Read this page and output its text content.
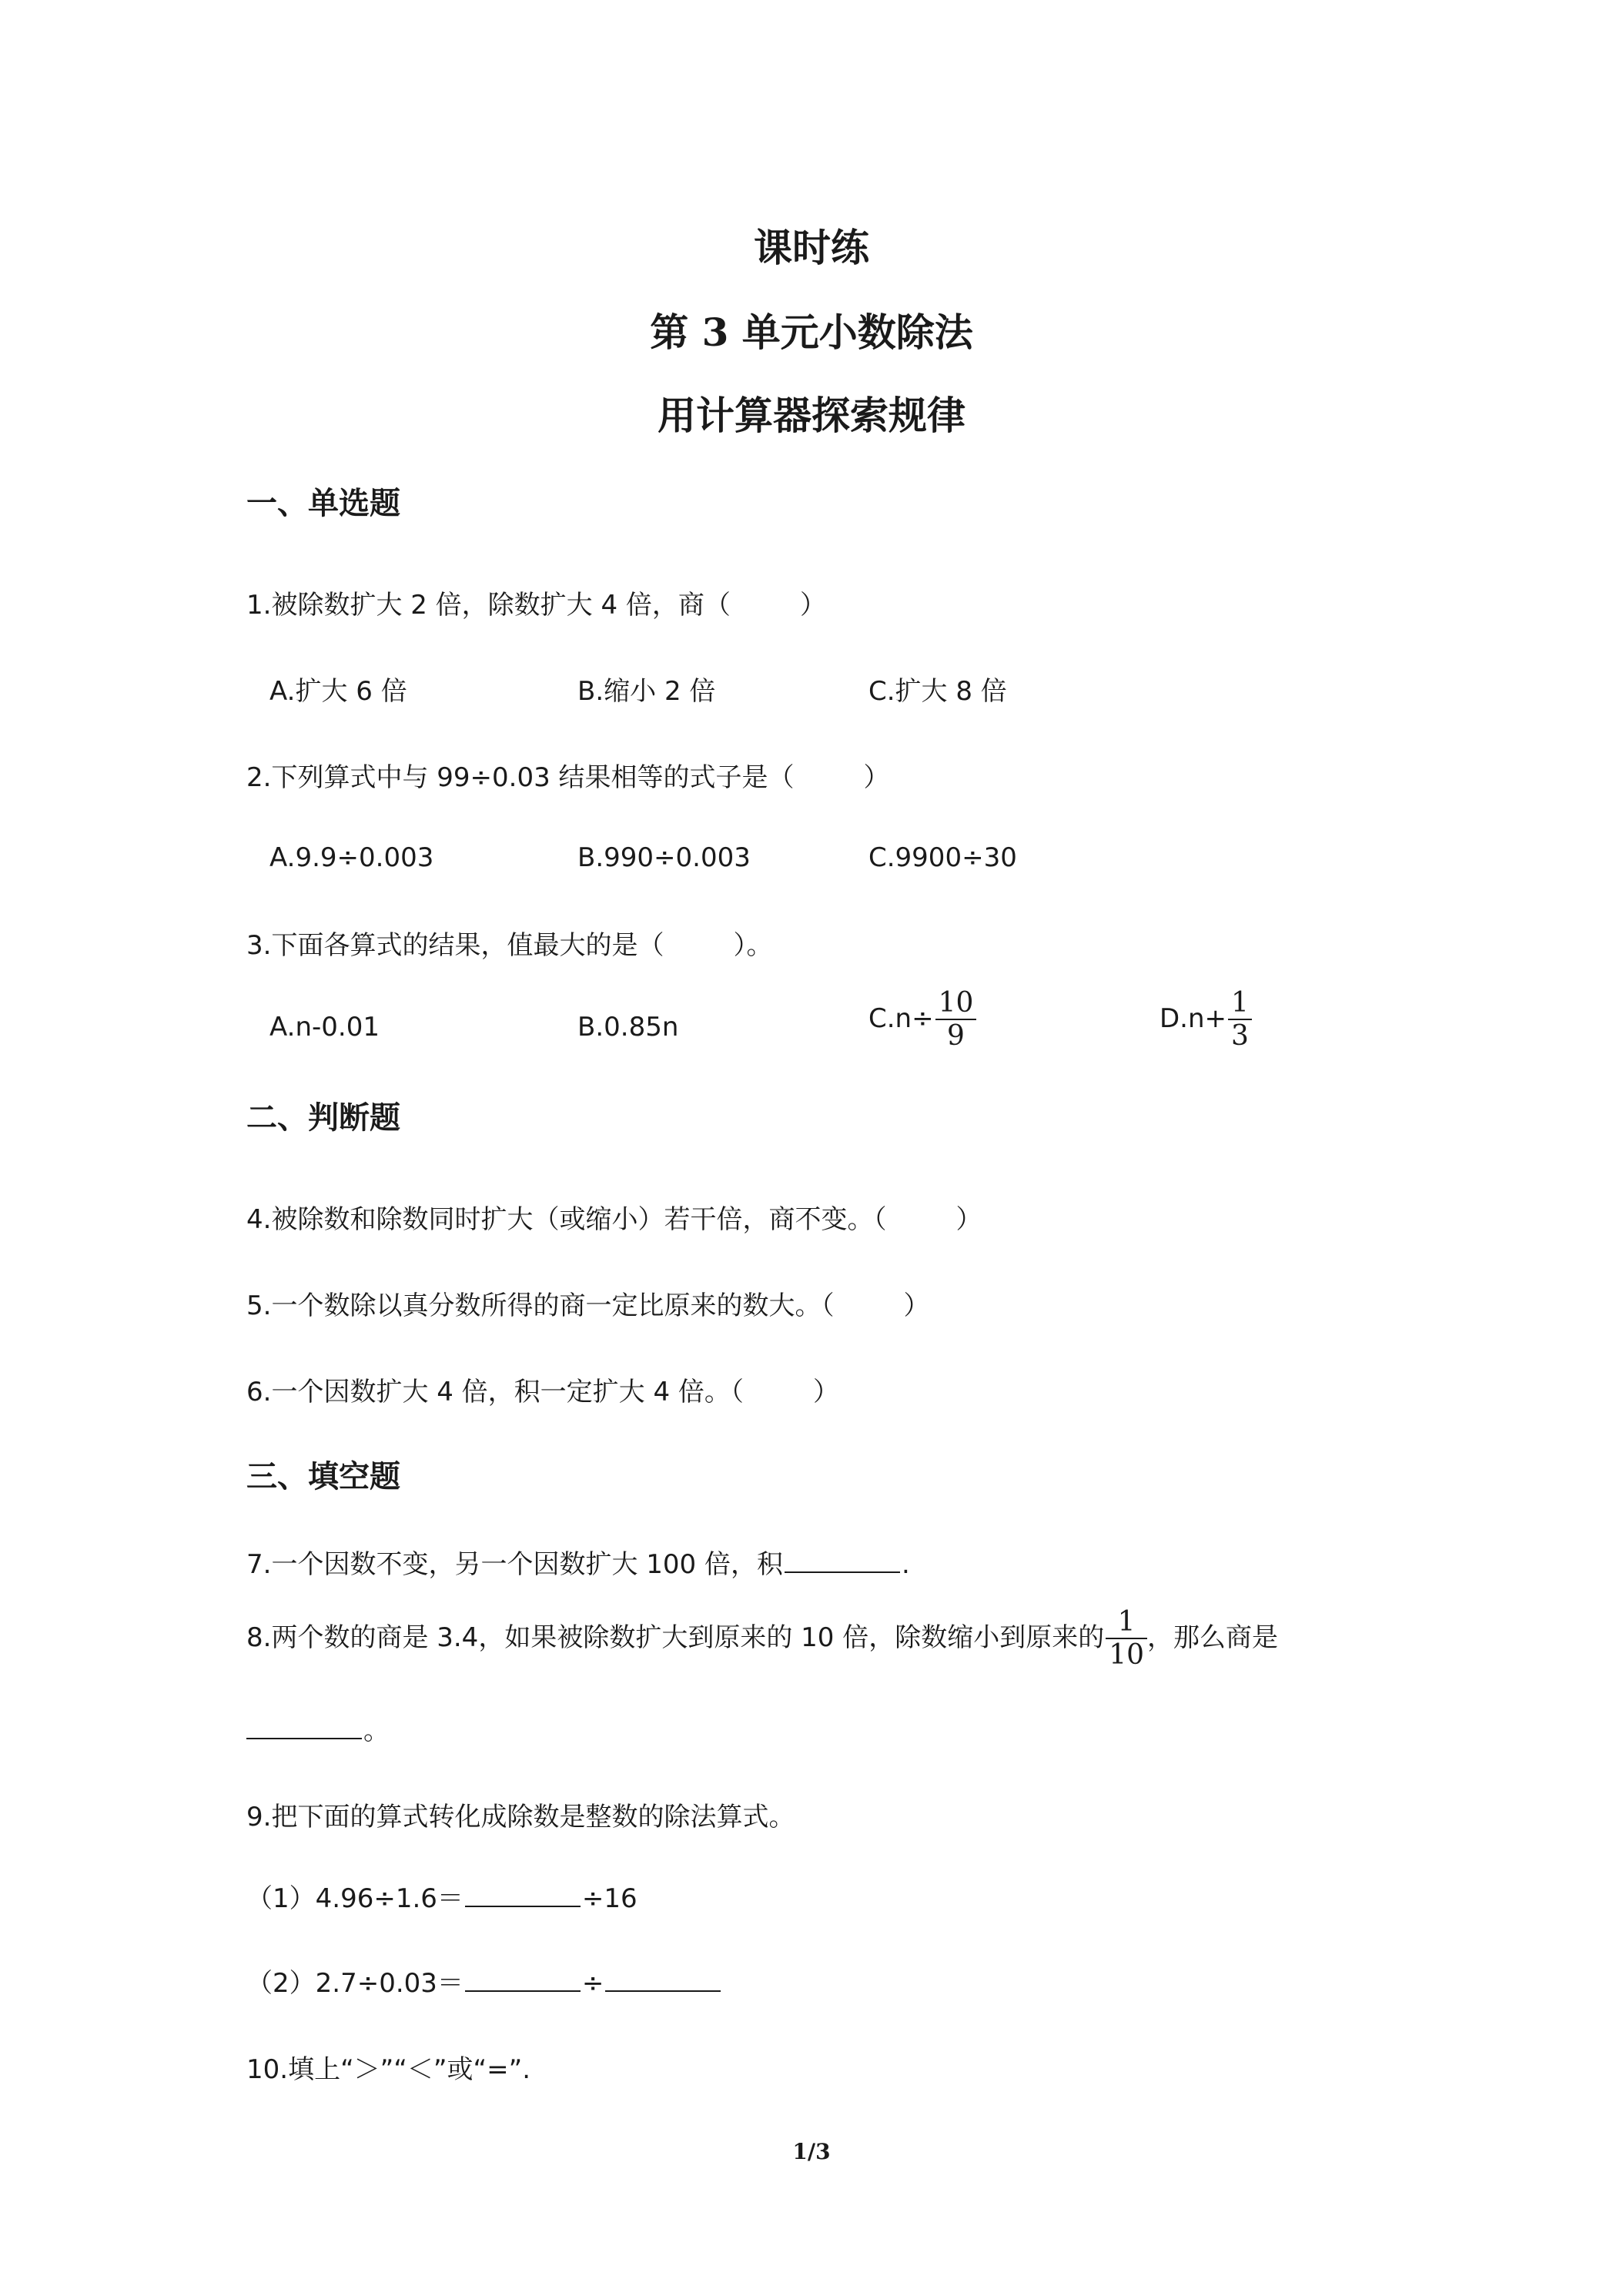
课时练
第 3 单元小数除法
用计算器探索规律
一、单选题
1.被除数扩大 2 倍，除数扩大 4 倍，商（	）
A.扩大 6 倍	B.缩小 2 倍	C.扩大 8 倍
2.下列算式中与 99÷0.03 结果相等的式子是（	）
A.9.9÷0.003	B.990÷0.003	C.9900÷30
3.下面各算式的结果，值最大的是（	）。
A.n-0.01	B.0.85n	$C.n\div \frac{10}{9}$	$D.n+ \frac{1}{3}$
二、判断题
4.被除数和除数同时扩大（或缩小）若干倍，商不变。（	）
5.一个数除以真分数所得的商一定比原来的数大。（	）
6.一个因数扩大 4 倍，积一定扩大 4 倍。（	）
三、填空题
7.一个因数不变，另一个因数扩大 100 倍，积	.
8.两个数的商是 3.4，如果被除数扩大到原来的 10 倍，除数缩小到原来的 $\frac{1}{10}$ ，那么商是
。
9.把下面的算式转化成除数是整数的除法算式。
（1）4.96÷1.6＝	÷16
（2）2.7÷0.03＝	÷
10.填上“＞”“＜”或“=”.
1/3
